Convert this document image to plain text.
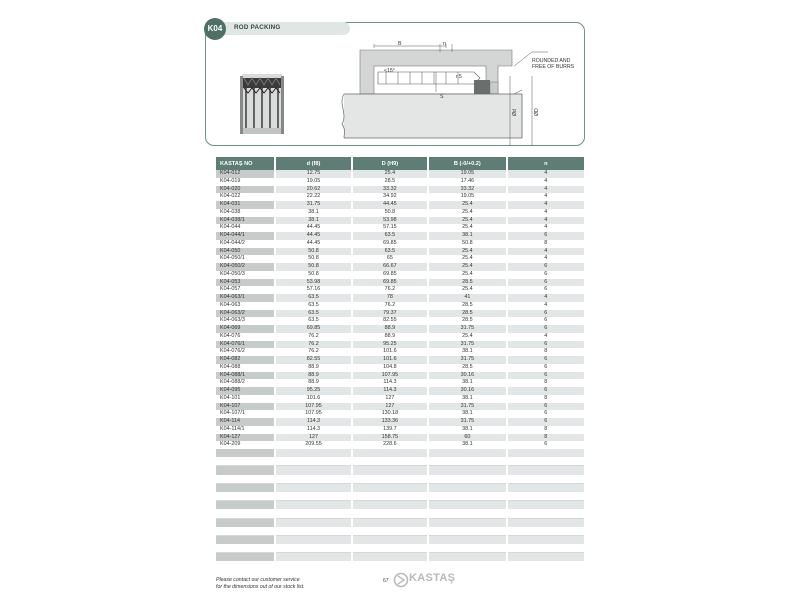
ROD PACKING
K04
B	n
<15°
r.5
S
ROUNDED AND
FREE OF BURRS
Ød	ØD
KASTAŞ NO	d (f8)	D (H9)	B (-0/+0.2)	n
K04-012	12.75	25.4	19.05	4
K04-019	19.05	28.5	17.46	4
K04-020	20.62	33.32	33.32	4
K04-022	22.22	34.92	19.05	4
K04-031	31.75	44.45	25.4	4
K04-038	38.1	50.8	25.4	4
K04-038/1	38.1	53.98	25.4	4
K04-044	44.45	57.15	25.4	4
K04-044/1	44.45	63.5	38.1	6
K04-044/2	44.45	69.85	50.8	8
K04-050	50.8	63.5	25.4	4
K04-050/1	50.8	65	25.4	4
K04-050/2	50.8	66.67	25.4	6
K04-050/3	50.8	69.85	25.4	6
K04-053	53.98	69.85	28.5	6
K04-057	57.16	76.2	25.4	6
K04-063/1	63.5	78	41	4
K04-063	63.5	76.2	28.5	4
K04-063/2	63.5	79.37	28.5	6
K04-063/3	63.5	82.55	28.5	6
K04-069	69.85	88.9	31.75	6
K04-076	76.2	88.9	25.4	4
K04-076/1	76.2	95.25	31.75	6
K04-076/2	76.2	101.6	38.1	8
K04-082	82.55	101.6	31.75	6
K04-088	88.9	104.8	28.5	6
K04-088/1	88.9	107.95	30.16	6
K04-088/2	88.9	114.3	38.1	8
K04-095	95.25	114.3	30.16	6
K04-101	101.6	127	38.1	8
K04-107	107.95	127	31.75	6
K04-107/1	107.95	130.18	38.1	6
K04-114	114.3	133.36	31.75	6
K04-114/1	114.3	139.7	38.1	8
K04-127	127	158.75	60	8
K04-209	209.55	228.6	38.1	6

Please contact our customer service
for the dimensions out of our stock list.
67 KASTAŞ
